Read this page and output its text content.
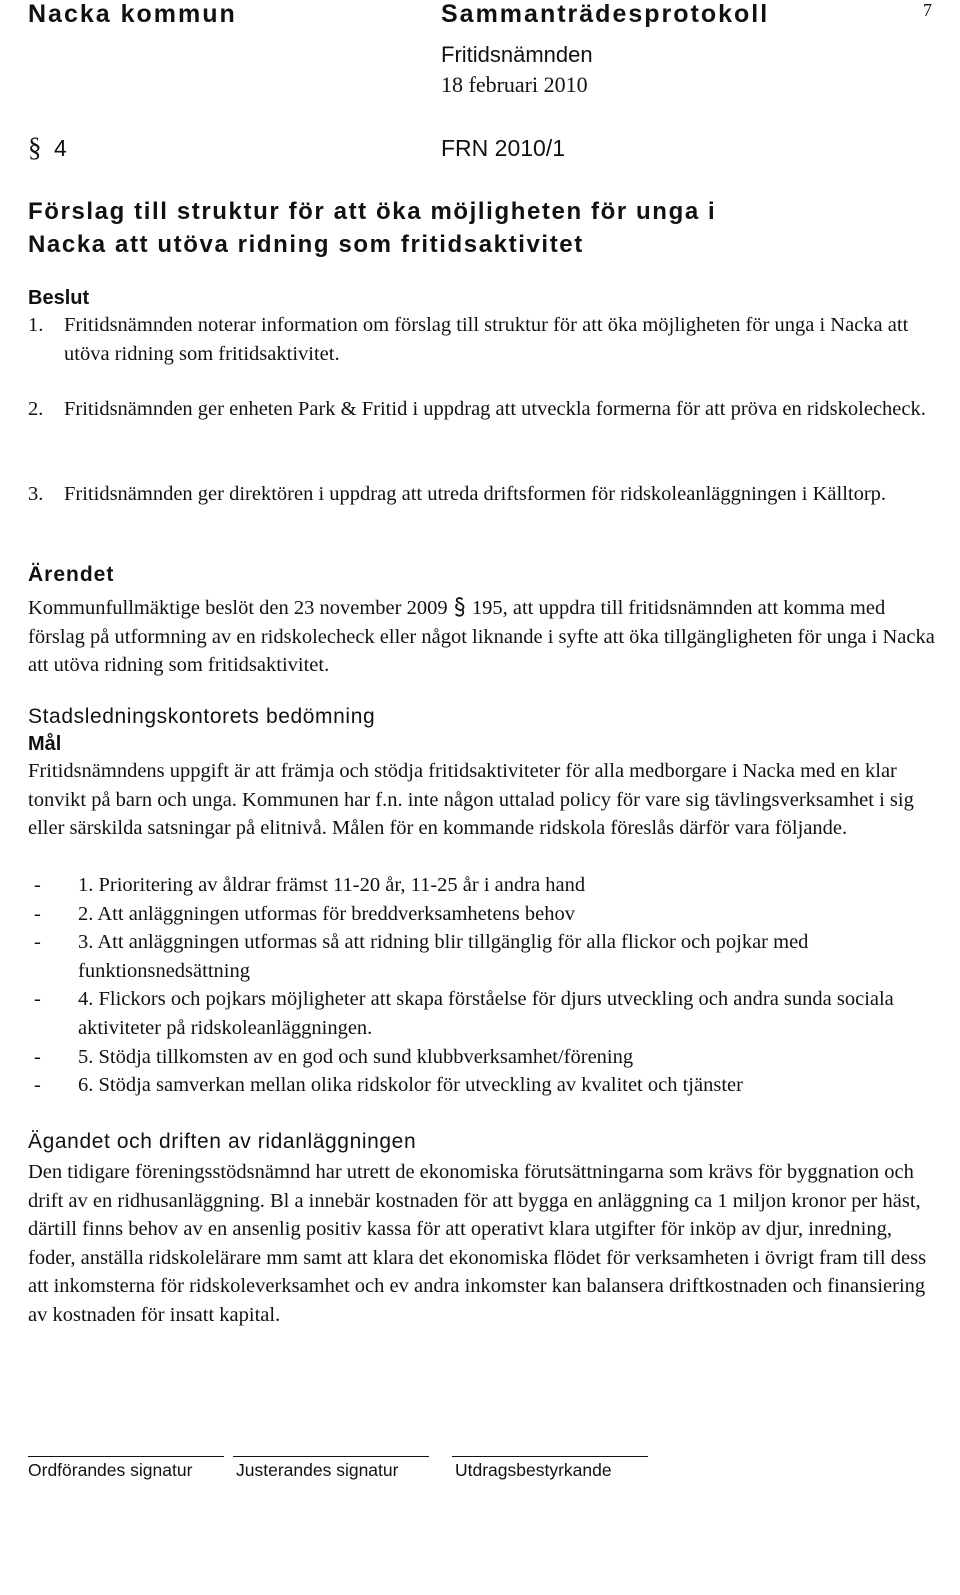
Nacka kommun	Sammanträdesprotokoll	7
Fritidsnämnden
18 februari 2010
§ 4	FRN 2010/1
Förslag till struktur för att öka möjligheten för unga i
Nacka att utöva ridning som fritidsaktivitet
Beslut
1. Fritidsnämnden noterar information om förslag till struktur för att öka möjligheten för unga i Nacka att utöva ridning som fritidsaktivitet.
2. Fritidsnämnden ger enheten Park & Fritid i uppdrag att utveckla formerna för att pröva en ridskolecheck.
3. Fritidsnämnden ger direktören i uppdrag att utreda driftsformen för ridskoleanläggningen i Källtorp.
Ärendet
Kommunfullmäktige beslöt den 23 november 2009 195, att uppdra till fritidsnämnden att komma med förslag på utformning av en ridskolecheck eller något liknande i syfte att öka tillgängligheten för unga i Nacka att utöva ridning som fritidsaktivitet.
Stadsledningskontorets bedömning
Mål
Fritidsnämndens uppgift är att främja och stödja fritidsaktiviteter för alla medborgare i Nacka med en klar tonvikt på barn och unga. Kommunen har f.n. inte någon uttalad policy för vare sig tävlingsverksamhet i sig eller särskilda satsningar på elitnivå. Målen för en kommande ridskola föreslås därför vara följande.
- 1. Prioritering av åldrar främst 11-20 år, 11-25 år i andra hand
- 2. Att anläggningen utformas för breddverksamhetens behov
- 3. Att anläggningen utformas så att ridning blir tillgänglig för alla flickor och pojkar med funktionsnedsättning
- 4. Flickors och pojkars möjligheter att skapa förståelse för djurs utveckling och andra sunda sociala aktiviteter på ridskoleanläggningen.
- 5. Stödja tillkomsten av en god och sund klubbverksamhet/förening
- 6. Stödja samverkan mellan olika ridskolor för utveckling av kvalitet och tjänster
Ägandet och driften av ridanläggningen
Den tidigare föreningsstödsnämnd har utrett de ekonomiska förutsättningarna som krävs för byggnation och drift av en ridhusanläggning. Bl a innebär kostnaden för att bygga en anläggning ca 1 miljon kronor per häst, därtill finns behov av en ansenlig positiv kassa för att operativt klara utgifter för inköp av djur, inredning, foder, anställa ridskolelärare mm samt att klara det ekonomiska flödet för verksamheten i övrigt fram till dess att inkomsterna för ridskoleverksamhet och ev andra inkomster kan balansera driftkostnaden och finansiering av kostnaden för insatt kapital.
Ordförandes signatur Justerandes signatur	Utdragsbestyrkande
